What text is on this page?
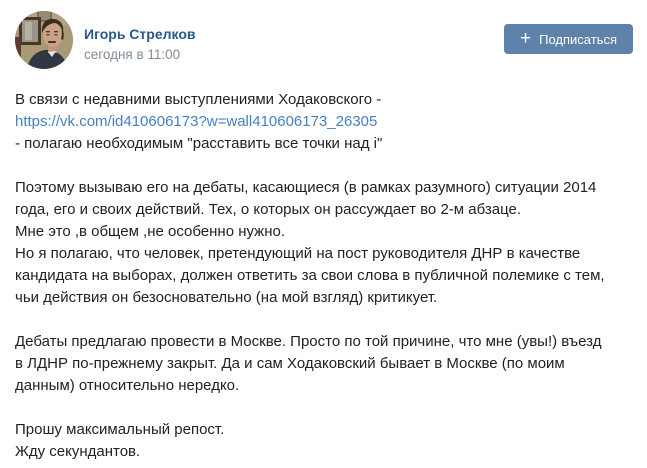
Игорь Стрелков
сегодня в 11:00
+ Подписаться
В связи с недавними выступлениями Ходаковского -
https://vk.com/id410606173?w=wall410606173_26305
- полагаю необходимым "расставить все точки над i"
Поэтому вызываю его на дебаты, касающиеся (в рамках разумного) ситуации 2014
года, его и своих действий. Тех, о которых он рассуждает во 2-м абзаце.
Мне это ,в общем ,не особенно нужно.
Но я полагаю, что человек, претендующий на пост руководителя ДНР в качестве
кандидата на выборах, должен ответить за свои слова в публичной полемике с тем,
чьи действия он безосновательно (на мой взгляд) критикует.
Дебаты предлагаю провести в Москве. Просто по той причине, что мне (увы!) въезд
в ЛДНР по-прежнему закрыт. Да и сам Ходаковский бывает в Москве (по моим
данным) относительно нередко.
Прошу максимальный репост.
Жду секундантов.
